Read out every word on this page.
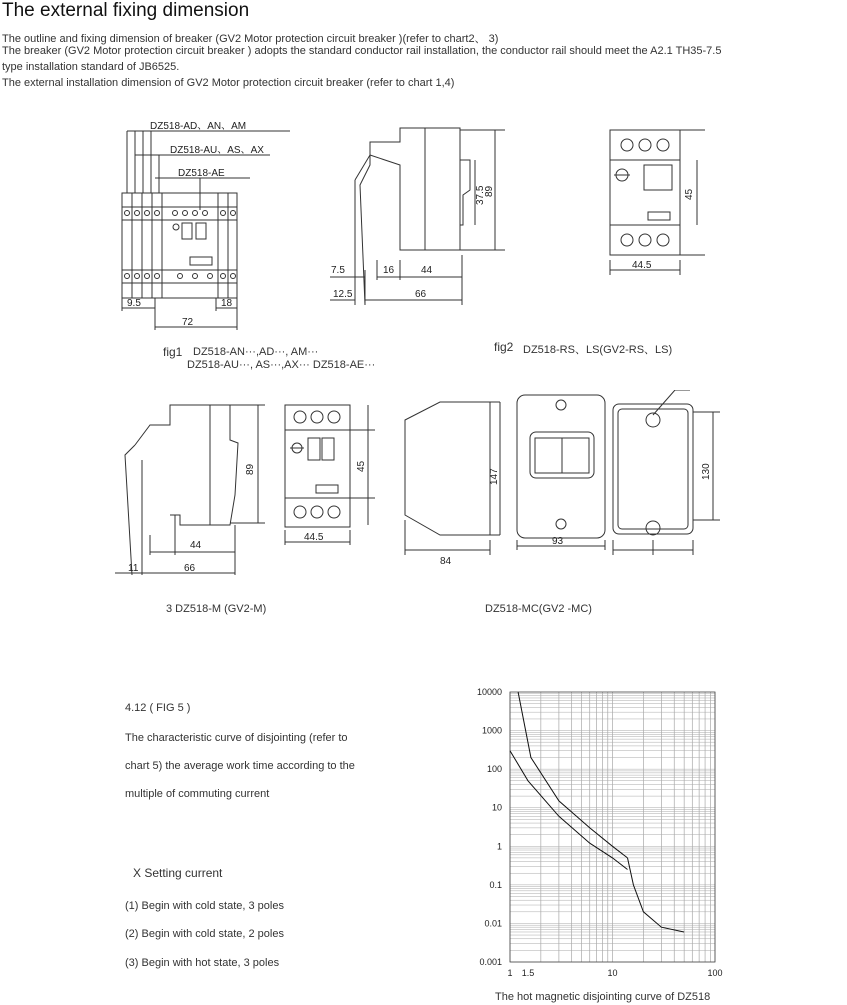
The external fixing dimension
The outline and fixing dimension of breaker (GV2 Motor protection circuit breaker )(refer to chart2、 3)
The breaker (GV2 Motor protection circuit breaker ) adopts the standard conductor rail installation, the conductor rail should meet the A2.1 TH35-7.5
type installation standard of JB6525.
The external installation dimension of GV2 Motor protection circuit breaker (refer to chart 1,4)
DZ518-AD、AN、AM
DZ518-AU、AS、AX
DZ518-AE
9.5	18
72
fig1 DZ518-AN···,AD···, AM···
DZ518-AU···, AS···,AX··· DZ518-AE···
7.5	16	44
12.5	66
37.5
89
44.5
45
fig2 DZ518-RS、LS(GV2-RS、LS)
44
11	66
89
44.5
45
3 DZ518-M (GV2-M)
84
93
147	130
DZ518-MC(GV2 -MC)
4.12 ( FIG 5 )
The characteristic curve of disjointing (refer to
chart 5) the average work time according to the
multiple of commuting current
X Setting current
(1) Begin with cold state, 3 poles
(2) Begin with cold state, 2 poles
(3) Begin with hot state, 3 poles
10000
1000
100
10
1
0.1
0.01
0.001
1 1.5	10	100
The hot magnetic disjointing curve of DZ518
